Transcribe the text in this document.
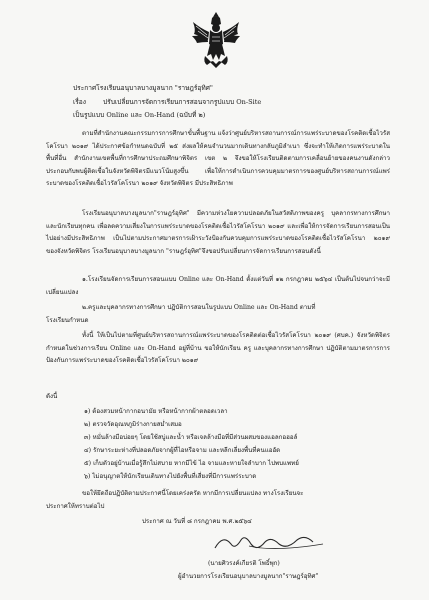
ประกาศโรงเรียนอนุบาลบางมูลนาก "ราษฎร์อุทิศ"
เรื่อง	ปรับเปลี่ยนการจัดการเรียนการสอนจากรูปแบบ On-Site
เป็นรูปแบบ Online และ On-Hand (ฉบับที่ ๒)
ตามที่สำนักงานคณะกรรมการการศึกษาขั้นพื้นฐาน แจ้งว่าศูนย์บริหารสถานการณ์การแพร่ระบาดของโรคติดเชื้อไวรัสโคโรนา ๒๐๑๙ ได้ประกาศข้อกำหนดฉบับที่ ๒๕ ส่งผลให้คนจำนวนมากเดินทางกลับภูมิลำเนา ซึ่งจะทำให้เกิดการแพร่ระบาดในพื้นที่อื่น สำนักงานเขตพื้นที่การศึกษาประถมศึกษาพิจิตร เขต ๒ จึงขอให้โรงเรียนติดตามการเคลื่อนย้ายของคนงานดังกล่าว ประกอบกับพบผู้ติดเชื้อในจังหวัดพิจิตรมีแนวโน้มสูงขึ้น เพื่อให้การดำเนินการควบคุมมาตรการของศูนย์บริหารสถานการณ์แพร่ระบาดของโรคติดเชื้อไวรัสโคโรนา ๒๐๑๙ จังหวัดพิจิตร มีประสิทธิภาพ
โรงเรียนอนุบาลบางมูลนาก"ราษฎร์อุทิศ" มีความห่วงใยความปลอดภัยในสวัสดิภาพของครู บุคลากรทางการศึกษาและนักเรียนทุกคน เพื่อลดความเสี่ยงในการแพร่ระบาดของโรคติดเชื้อไวรัสโคโรนา ๒๐๑๙ และเพื่อให้การจัดการเรียนการสอนเป็นไปอย่างมีประสิทธิภาพ เป็นไปตามประกาศมาตรการเฝ้าระวังป้องกันควบคุมการแพร่ระบาดของโรคติดเชื้อไวรัสโคโรนา ๒๐๑๙ ของจังหวัดพิจิตร โรงเรียนอนุบาลบางมูลนาก "ราษฎร์อุทิศ"จึงขอปรับเปลี่ยนการจัดการเรียนการสอนดังนี้
๑.โรงเรียนจัดการเรียนการสอนแบบ Online และ On-Hand ตั้งแต่วันที่ ๑๒ กรกฎาคม ๒๕๖๔ เป็นต้นไปจนกว่าจะมีเปลี่ยนแปลง
๒.ครูและบุคลากรทางการศึกษา ปฏิบัติการสอนในรูปแบบ Online และ On-Hand ตามที่
โรงเรียนกำหนด
ทั้งนี้ ให้เป็นไปตามที่ศูนย์บริหารสถานการณ์แพร่ระบาดของโรคติดต่อเชื้อไวรัสโคโรนา ๒๐๑๙ (ศบค.) จังหวัดพิจิตรกำหนดในช่วงการเรียน Online และ On-Hand อยู่ที่บ้าน ขอให้นักเรียน ครู และบุคลากรทางการศึกษา ปฏิบัติตามมาตรการการป้องกันการแพร่ระบาดของโรคติดเชื้อไวรัสโคโรนา ๒๐๑๙
ดังนี้
๑) ต้องสวมหน้ากากอนามัย หรือหน้ากากผ้าตลอดเวลา
๒) ตรวจวัดอุณหภูมิร่างกายสม่ำเสมอ
๓) หมั่นล้างมือบ่อยๆ โดยใช้สบู่และน้ำ หรือเจลล้างมือที่มีส่วนผสมของแอลกอฮอล์
๔) รักษาระยะห่างที่ปลอดภัยจากผู้ที่ไอหรือจาม และหลีกเลี่ยงพื้นที่คนแออัด
๕) เก็บตัวอยู่บ้านเมื่อรู้สึกไม่สบาย หากมีไข้ ไอ จามและหายใจลำบาก ไปพบแพทย์
๖) ไม่อนุญาตให้นักเรียนเดินทางไปยังพื้นที่เสี่ยงที่มีการแพร่ระบาด
ขอให้ยึดถือปฏิบัติตามประกาศนี้โดยเคร่งครัด หากมีการเปลี่ยนแปลง ทางโรงเรียนจะ
ประกาศให้ทราบต่อไป
ประกาศ ณ วันที่ ๘ กรกฎาคม พ.ศ.๒๕๖๔
(นายศิวรงค์เกียรติ โพธิ์พุก)
ผู้อำนวยการโรงเรียนอนุบาลบางมูลนาก"ราษฎร์อุทิศ"
